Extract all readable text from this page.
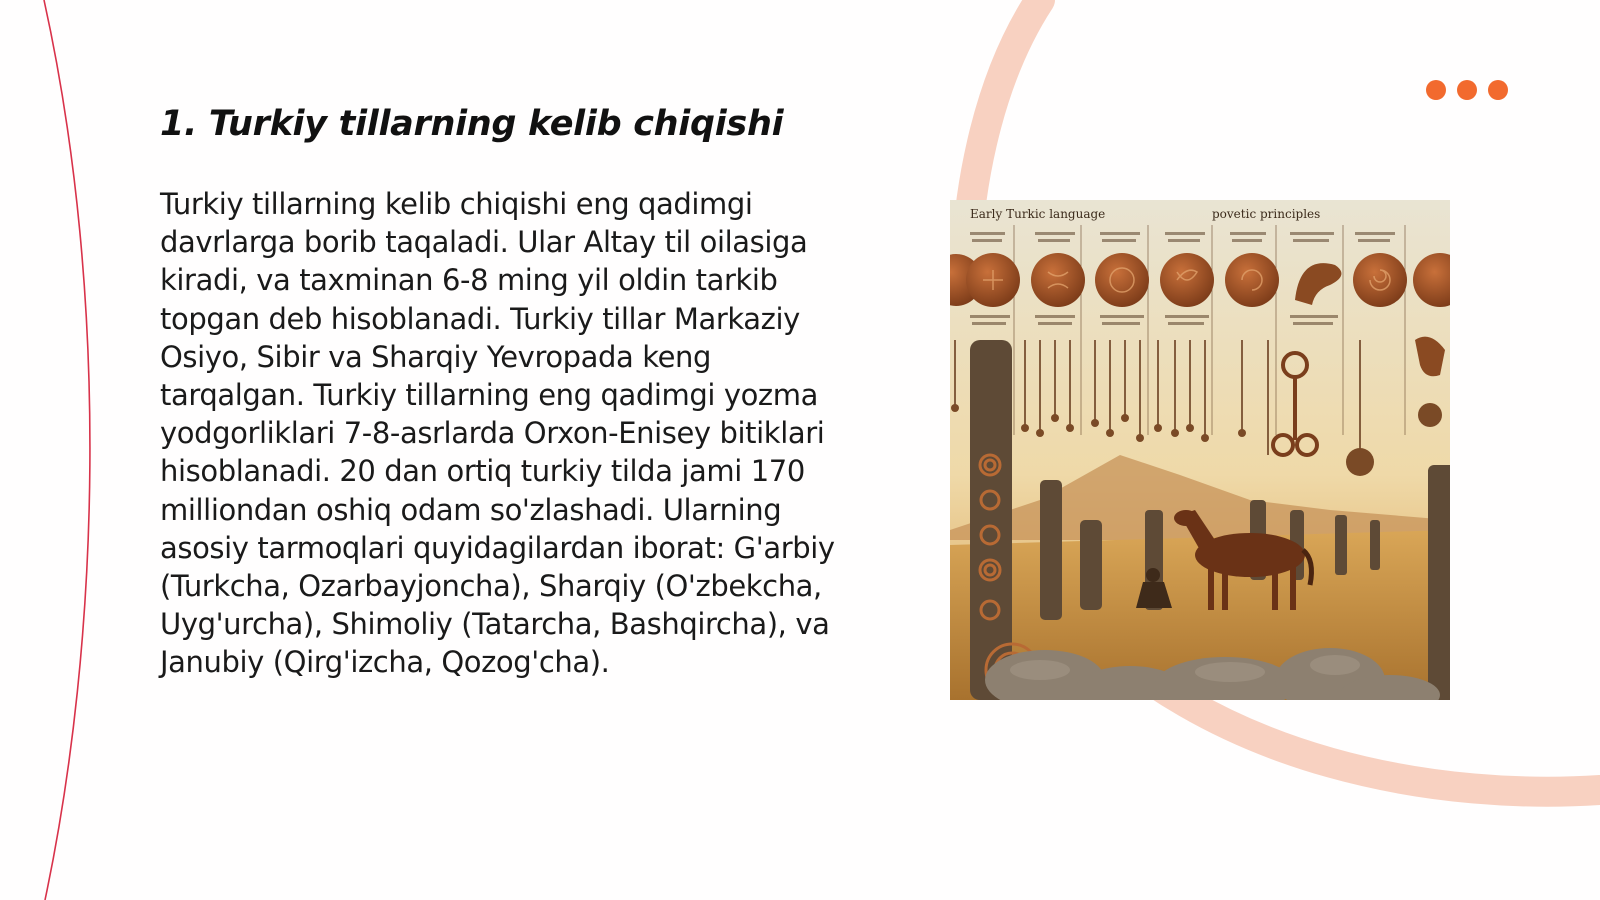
1. Turkiy tillarning kelib chiqishi
Turkiy tillarning kelib chiqishi eng qadimgi davrlarga borib taqaladi. Ular Altay til oilasiga kiradi, va taxminan 6-8 ming yil oldin tarkib topgan deb hisoblanadi. Turkiy tillar Markaziy Osiyo, Sibir va Sharqiy Yevropada keng tarqalgan. Turkiy tillarning eng qadimgi yozma yodgorliklari 7-8-asrlarda Orxon-Enisey bitiklari hisoblanadi. 20 dan ortiq turkiy tilda jami 170 milliondan oshiq odam so'zlashadi. Ularning asosiy tarmoqlari quyidagilardan iborat: G'arbiy (Turkcha, Ozarbayjoncha), Sharqiy (O'zbekcha, Uyg'urcha), Shimoliy (Tatarcha, Bashqircha), va Janubiy (Qirg'izcha, Qozog'cha).
Early Turkic language	povetic principles
